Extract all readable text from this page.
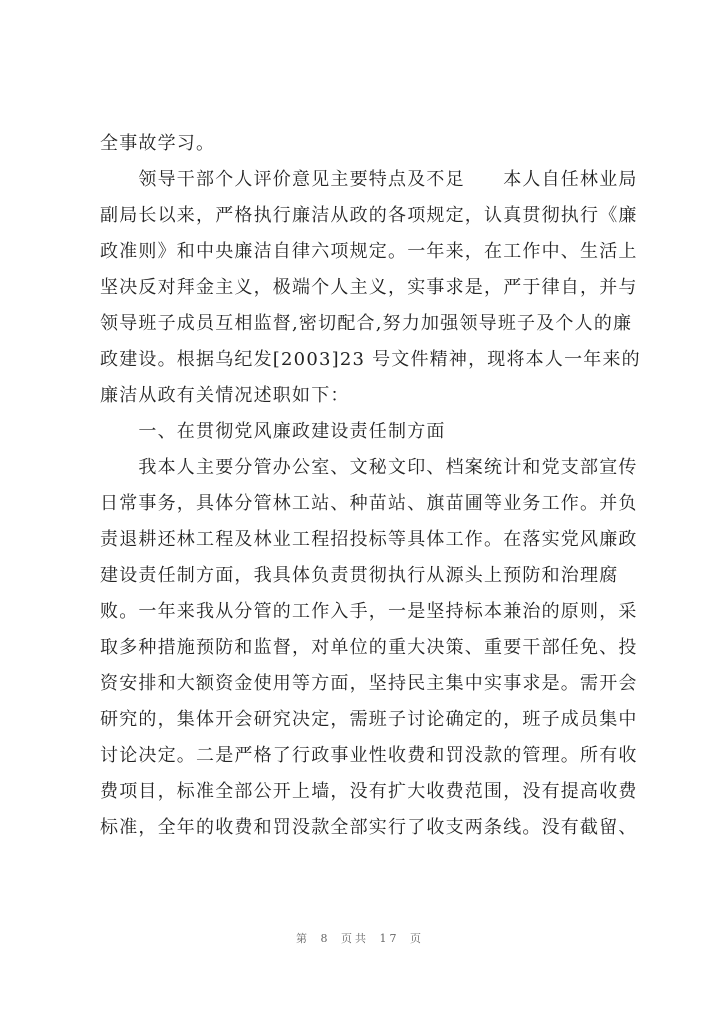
全事故学习。
　　领导干部个人评价意见主要特点及不足　　本人自任林业局
副局长以来，严格执行廉洁从政的各项规定，认真贯彻执行《廉
政准则》和中央廉洁自律六项规定。一年来，在工作中、生活上
坚决反对拜金主义，极端个人主义，实事求是，严于律自，并与
领导班子成员互相监督,密切配合,努力加强领导班子及个人的廉
政建设。根据乌纪发[2003]23 号文件精神，现将本人一年来的
廉洁从政有关情况述职如下：
　　一、在贯彻党风廉政建设责任制方面
　　我本人主要分管办公室、文秘文印、档案统计和党支部宣传
日常事务，具体分管林工站、种苗站、旗苗圃等业务工作。并负
责退耕还林工程及林业工程招投标等具体工作。在落实党风廉政
建设责任制方面，我具体负责贯彻执行从源头上预防和治理腐
败。一年来我从分管的工作入手，一是坚持标本兼治的原则，采
取多种措施预防和监督，对单位的重大决策、重要干部任免、投
资安排和大额资金使用等方面，坚持民主集中实事求是。需开会
研究的，集体开会研究决定，需班子讨论确定的，班子成员集中
讨论决定。二是严格了行政事业性收费和罚没款的管理。所有收
费项目，标准全部公开上墙，没有扩大收费范围，没有提高收费
标准，全年的收费和罚没款全部实行了收支两条线。没有截留、
第 8 页共 17 页
